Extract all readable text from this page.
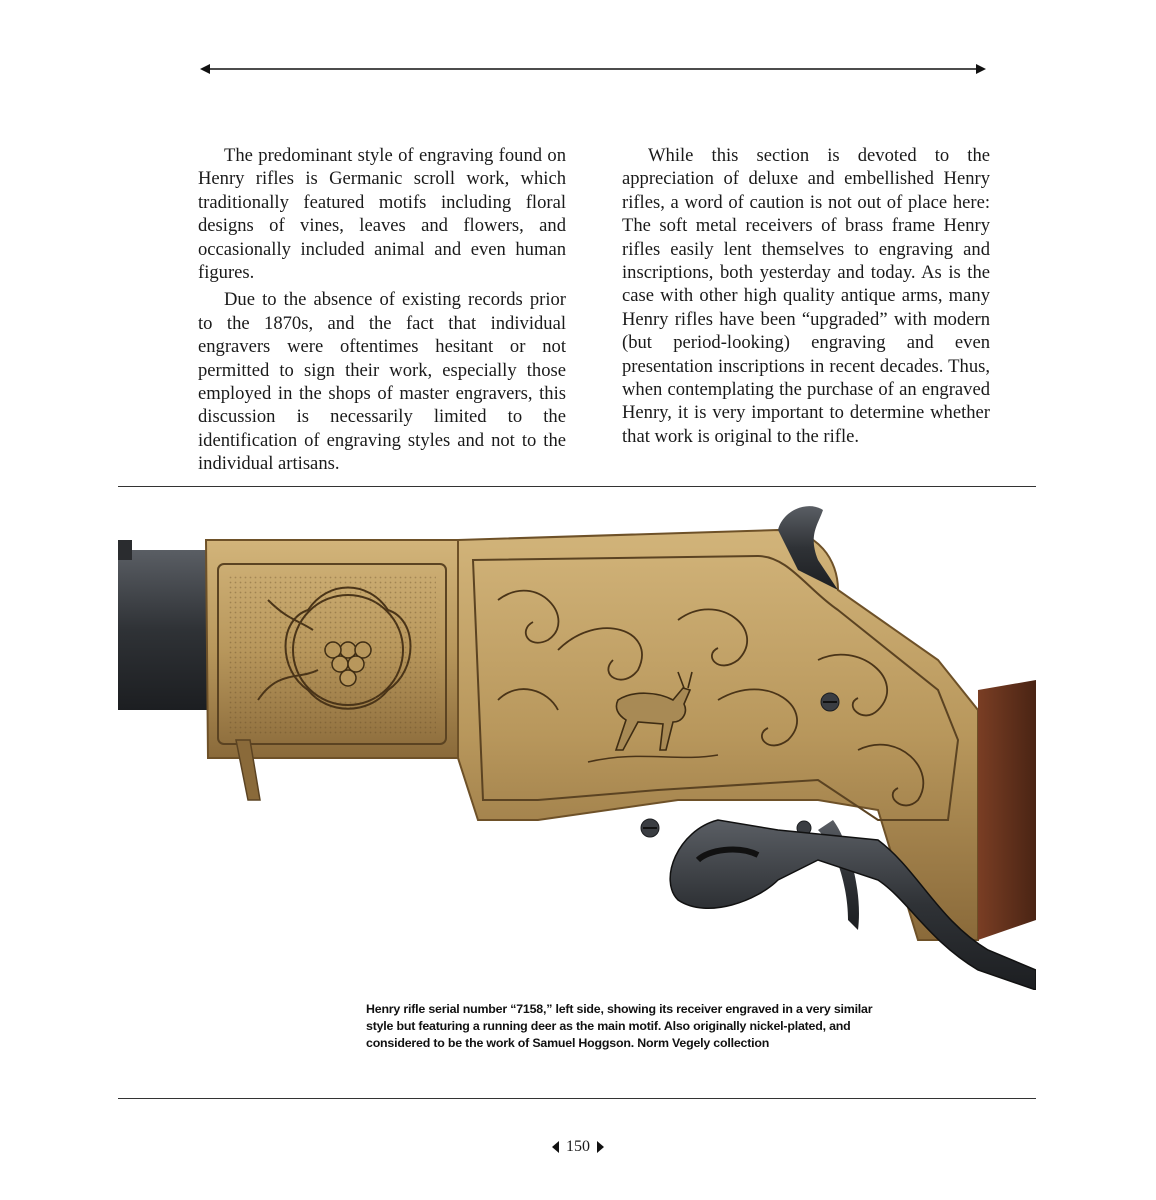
The predominant style of engraving found on Henry rifles is Germanic scroll work, which traditionally featured motifs including floral designs of vines, leaves and flowers, and occasionally included animal and even human figures.

Due to the absence of existing records prior to the 1870s, and the fact that individual engravers were oftentimes hesitant or not permitted to sign their work, especially those employed in the shops of master engravers, this discussion is necessarily limited to the identification of engraving styles and not to the individual artisans.

While this section is devoted to the appreciation of deluxe and embellished Henry rifles, a word of caution is not out of place here: The soft metal receivers of brass frame Henry rifles easily lent themselves to engraving and inscriptions, both yesterday and today. As is the case with other high quality antique arms, many Henry rifles have been “upgraded” with modern (but period-looking) engraving and even presentation inscriptions in recent decades. Thus, when contemplating the purchase of an engraved Henry, it is very important to determine whether that work is original to the rifle.

Henry rifle serial number “7158,” left side, showing its receiver engraved in a very similar style but featuring a running deer as the main motif. Also originally nickel-plated, and considered to be the work of Samuel Hoggson. Norm Vegely collection
150
